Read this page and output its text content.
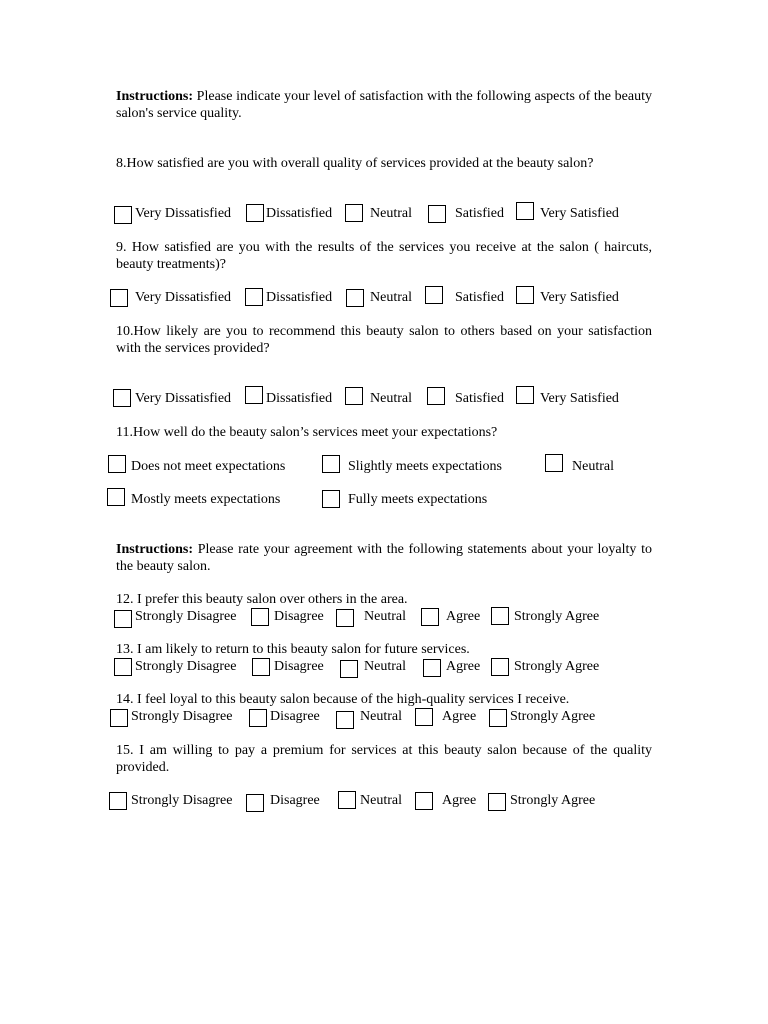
Instructions: Please indicate your level of satisfaction with the following aspects of the beauty salon's service quality.

8.How satisfied are you with overall quality of services provided at the beauty salon?

Very Dissatisfied Dissatisfied	Neutral	Satisfied	Very Satisfied

9. How satisfied are you with the results of the services you receive at the salon ( haircuts, beauty treatments)?

Very Dissatisfied Dissatisfied	Neutral	Satisfied	Very Satisfied

10.How likely are you to recommend this beauty salon to others based on your satisfaction with the services provided?

Very Dissatisfied Dissatisfied	Neutral	Satisfied	Very Satisfied

11.How well do the beauty salon’s services meet your expectations?

Does not meet expectations	Slightly meets expectations	Neutral
Mostly meets expectations	Fully meets expectations

Instructions: Please rate your agreement with the following statements about your loyalty to the beauty salon.

12. I prefer this beauty salon over others in the area.

Strongly Disagree	Disagree	Neutral	Agree Strongly Agree

13. I am likely to return to this beauty salon for future services.

Strongly Disagree	Disagree	Neutral	Agree Strongly Agree

14. I feel loyal to this beauty salon because of the high-quality services I receive.

Strongly Disagree	Disagree	Neutral	Agree Strongly Agree

15. I am willing to pay a premium for services at this beauty salon because of the quality provided.

Strongly Disagree	Disagree	Neutral	Agree Strongly Agree
